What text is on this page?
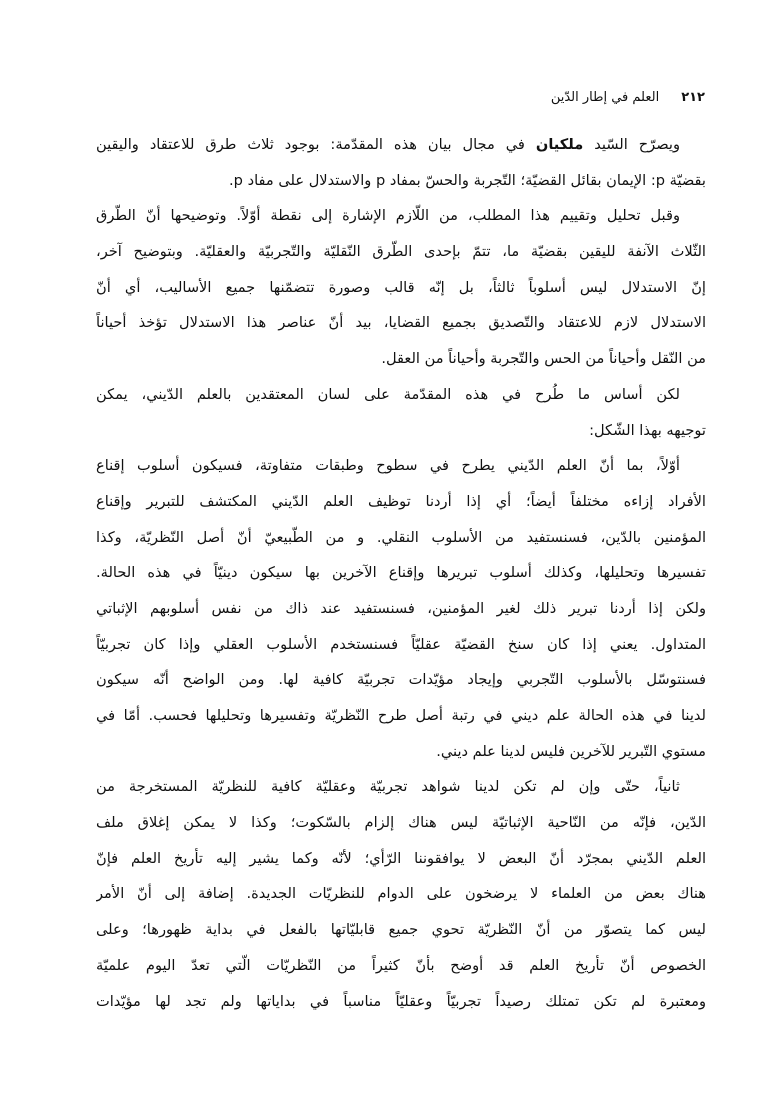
٢١٢
العلم في إطار الدّين
ويصرّح السّيد ملكيان في مجال بيان هذه المقدّمة: بوجود ثلاث طرق للاعتقاد واليقين
بقضيّة p: الإيمان بقائل القضيّة؛ التّجربة والحسّ بمفاد p والاستدلال على مفاد p.
وقبل تحليل وتقييم هذا المطلب، من اللّازم الإشارة إلى نقطة أوّلاً. وتوضيحها أنّ الطّرق
الثّلاث الآنفة لليقين بقضيّة ما، تتمّ بإحدى الطّرق النّقليّة والتّجربيّة والعقليّة. وبتوضيح آخر،
إنّ الاستدلال ليس أسلوباً ثالثاً، بل إنّه قالب وصورة تتضمّنها جميع الأساليب، أي أنّ
الاستدلال لازم للاعتقاد والتّصديق بجميع القضايا، بيد أنّ عناصر هذا الاستدلال تؤخذ أحياناً
من النّقل وأحياناً من الحس والتّجربة وأحياناً من العقل.
لكن أساس ما طُرح في هذه المقدّمة على لسان المعتقدين بالعلم الدّيني، يمكن
توجيهه بهذا الشّكل:
أوّلاً، بما أنّ العلم الدّيني يطرح في سطوح وطبقات متفاوتة، فسيكون أسلوب إقناع
الأفراد إزاءه مختلفاً أيضاً؛ أي إذا أردنا توظيف العلم الدّيني المكتشف للتبرير وإقناع
المؤمنين بالدّين، فسنستفيد من الأسلوب النقلي. و من الطّبيعيّ أنّ أصل النّظريّة، وكذا
تفسيرها وتحليلها، وكذلك أسلوب تبريرها وإقناع الآخرين بها سيكون دينيّاً في هذه الحالة.
ولكن إذا أردنا تبرير ذلك لغير المؤمنين، فسنستفيد عند ذاك من نفس أسلوبهم الإثباتي
المتداول. يعني إذا كان سنخ القضيّة عقليّاً فسنستخدم الأسلوب العقلي وإذا كان تجربيّاً
فسنتوسّل بالأسلوب التّجربي وإيجاد مؤيّدات تجربيّة كافية لها. ومن الواضح أنّه سيكون
لدينا في هذه الحالة علم ديني في رتبة أصل طرح النّظريّة وتفسيرها وتحليلها فحسب. أمّا في
مستوي التّبرير للآخرين فليس لدينا علم ديني.
ثانياً، حتّى وإن لم تكن لدينا شواهد تجربيّة وعقليّة كافية للنظريّة المستخرجة من
الدّين، فإنّه من النّاحية الإثباتيّة ليس هناك إلزام بالسّكوت؛ وكذا لا يمكن إغلاق ملف
العلم الدّيني بمجرّد أنّ البعض لا يوافقوننا الرّأي؛ لأنّه وكما يشير إليه تأريخ العلم فإنّ
هناك بعض من العلماء لا يرضخون على الدوام للنظريّات الجديدة. إضافة إلى أنّ الأمر
ليس كما يتصوّر من أنّ النّظريّة تحوي جميع قابليّاتها بالفعل في بداية ظهورها؛ وعلى
الخصوص أنّ تأريخ العلم قد أوضح بأنّ كثيراً من النّظريّات الّتي تعدّ اليوم علميّة
ومعتبرة لم تكن تمتلك رصيداً تجربيّاً وعقليّاً مناسباً في بداياتها ولم تجد لها مؤيّدات
